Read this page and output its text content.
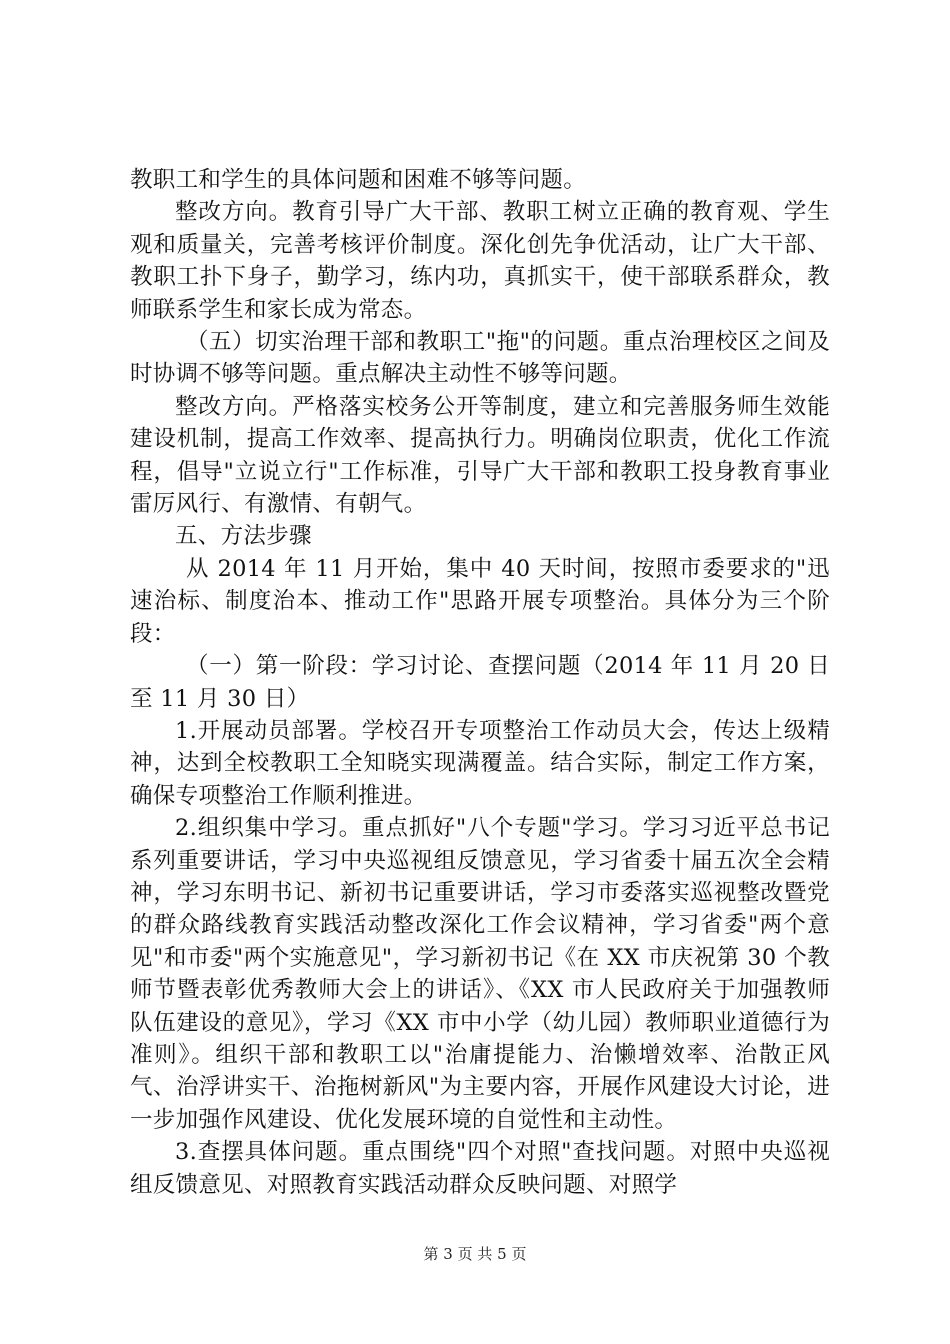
教职工和学生的具体问题和困难不够等问题。

整改方向。教育引导广大干部、教职工树立正确的教育观、学生观和质量关，完善考核评价制度。深化创先争优活动，让广大干部、教职工扑下身子，勤学习，练内功，真抓实干，使干部联系群众，教师联系学生和家长成为常态。

（五）切实治理干部和教职工"拖"的问题。重点治理校区之间及时协调不够等问题。重点解决主动性不够等问题。

整改方向。严格落实校务公开等制度，建立和完善服务师生效能建设机制，提高工作效率、提高执行力。明确岗位职责，优化工作流程，倡导"立说立行"工作标准，引导广大干部和教职工投身教育事业雷厉风行、有激情、有朝气。

五、方法步骤

从 2014 年 11 月开始，集中 40 天时间，按照市委要求的"迅速治标、制度治本、推动工作"思路开展专项整治。具体分为三个阶段：

（一）第一阶段：学习讨论、查摆问题（2014 年 11 月 20 日至 11 月 30 日）

1.开展动员部署。学校召开专项整治工作动员大会，传达上级精神，达到全校教职工全知晓实现满覆盖。结合实际，制定工作方案，确保专项整治工作顺利推进。

2.组织集中学习。重点抓好"八个专题"学习。学习习近平总书记系列重要讲话，学习中央巡视组反馈意见，学习省委十届五次全会精神，学习东明书记、新初书记重要讲话，学习市委落实巡视整改暨党的群众路线教育实践活动整改深化工作会议精神，学习省委"两个意见"和市委"两个实施意见"，学习新初书记《在 XX 市庆祝第 30 个教师节暨表彰优秀教师大会上的讲话》、《XX 市人民政府关于加强教师队伍建设的意见》，学习《XX 市中小学（幼儿园）教师职业道德行为准则》。组织干部和教职工以"治庸提能力、治懒增效率、治散正风气、治浮讲实干、治拖树新风"为主要内容，开展作风建设大讨论，进一步加强作风建设、优化发展环境的自觉性和主动性。

3.查摆具体问题。重点围绕"四个对照"查找问题。对照中央巡视组反馈意见、对照教育实践活动群众反映问题、对照学

第 3 页 共 5 页
